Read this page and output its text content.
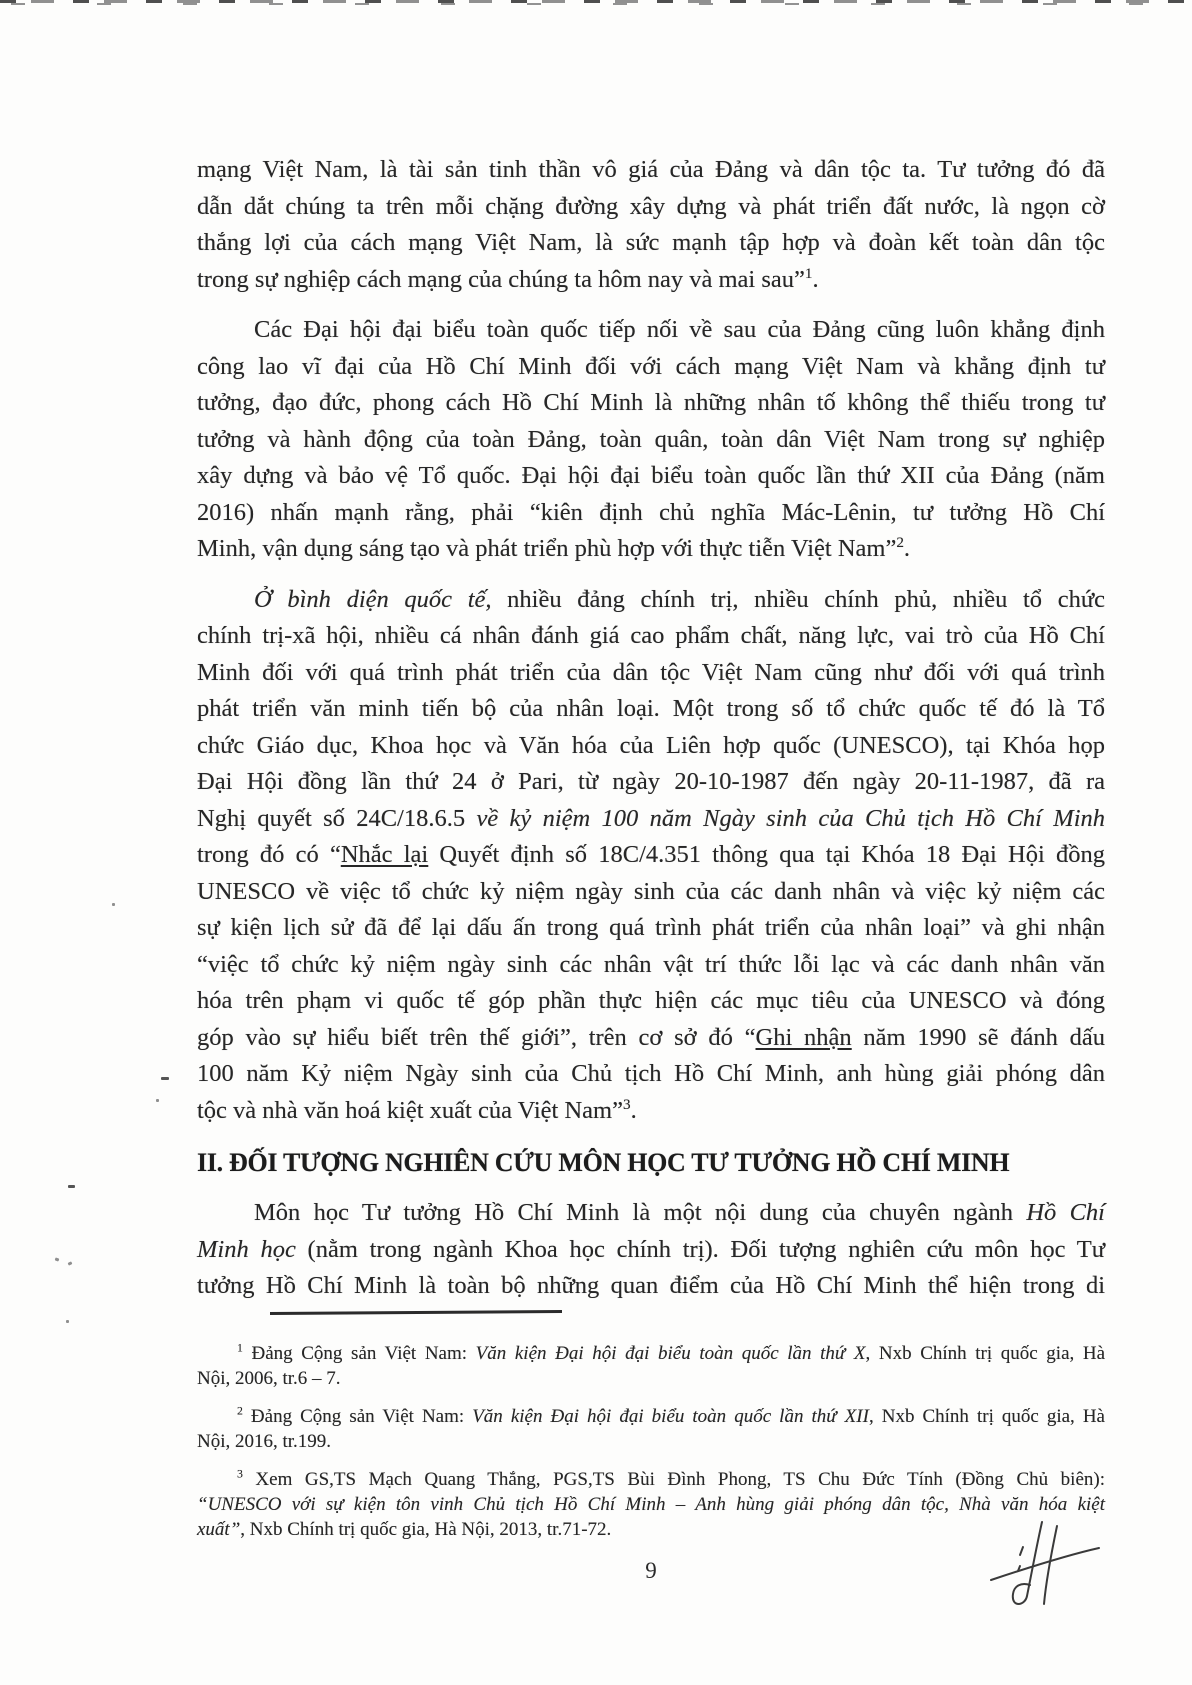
mạng Việt Nam, là tài sản tinh thần vô giá của Đảng và dân tộc ta. Tư tưởng đó đã
dẫn dắt chúng ta trên mỗi chặng đường xây dựng và phát triển đất nước, là ngọn cờ
thắng lợi của cách mạng Việt Nam, là sức mạnh tập hợp và đoàn kết toàn dân tộc
trong sự nghiệp cách mạng của chúng ta hôm nay và mai sau”$^1$.
Các Đại hội đại biểu toàn quốc tiếp nối về sau của Đảng cũng luôn khẳng định
công lao vĩ đại của Hồ Chí Minh đối với cách mạng Việt Nam và khẳng định tư
tưởng, đạo đức, phong cách Hồ Chí Minh là những nhân tố không thể thiếu trong tư
tưởng và hành động của toàn Đảng, toàn quân, toàn dân Việt Nam trong sự nghiệp
xây dựng và bảo vệ Tổ quốc. Đại hội đại biểu toàn quốc lần thứ XII của Đảng (năm
2016) nhấn mạnh rằng, phải “kiên định chủ nghĩa Mác-Lênin, tư tưởng Hồ Chí
Minh, vận dụng sáng tạo và phát triển phù hợp với thực tiễn Việt Nam”$^2$.
Ở bình diện quốc tế, nhiều đảng chính trị, nhiều chính phủ, nhiều tổ chức
chính trị-xã hội, nhiều cá nhân đánh giá cao phẩm chất, năng lực, vai trò của Hồ Chí
Minh đối với quá trình phát triển của dân tộc Việt Nam cũng như đối với quá trình
phát triển văn minh tiến bộ của nhân loại. Một trong số tổ chức quốc tế đó là Tổ
chức Giáo dục, Khoa học và Văn hóa của Liên hợp quốc (UNESCO), tại Khóa họp
Đại Hội đồng lần thứ 24 ở Pari, từ ngày 20-10-1987 đến ngày 20-11-1987, đã ra
Nghị quyết số 24C/18.6.5 về kỷ niệm 100 năm Ngày sinh của Chủ tịch Hồ Chí Minh
trong đó có “Nhắc lại Quyết định số 18C/4.351 thông qua tại Khóa 18 Đại Hội đồng
UNESCO về việc tổ chức kỷ niệm ngày sinh của các danh nhân và việc kỷ niệm các
sự kiện lịch sử đã để lại dấu ấn trong quá trình phát triển của nhân loại” và ghi nhận
“việc tổ chức kỷ niệm ngày sinh các nhân vật trí thức lỗi lạc và các danh nhân văn
hóa trên phạm vi quốc tế góp phần thực hiện các mục tiêu của UNESCO và đóng
góp vào sự hiểu biết trên thế giới”, trên cơ sở đó “Ghi nhận năm 1990 sẽ đánh dấu
100 năm Kỷ niệm Ngày sinh của Chủ tịch Hồ Chí Minh, anh hùng giải phóng dân
tộc và nhà văn hoá kiệt xuất của Việt Nam”$^3$.
II. ĐỐI TƯỢNG NGHIÊN CỨU MÔN HỌC TƯ TƯỞNG HỒ CHÍ MINH
Môn học Tư tưởng Hồ Chí Minh là một nội dung của chuyên ngành Hồ Chí
Minh học (nằm trong ngành Khoa học chính trị). Đối tượng nghiên cứu môn học Tư
tưởng Hồ Chí Minh là toàn bộ những quan điểm của Hồ Chí Minh thể hiện trong di
$^1$ Đảng Cộng sản Việt Nam: Văn kiện Đại hội đại biểu toàn quốc lần thứ X, Nxb Chính trị quốc gia, Hà
Nội, 2006, tr.6 – 7.
$^2$ Đảng Cộng sản Việt Nam: Văn kiện Đại hội đại biểu toàn quốc lần thứ XII, Nxb Chính trị quốc gia, Hà
Nội, 2016, tr.199.
$^3$ Xem GS,TS Mạch Quang Thắng, PGS,TS Bùi Đình Phong, TS Chu Đức Tính (Đồng Chủ biên):
“UNESCO với sự kiện tôn vinh Chủ tịch Hồ Chí Minh – Anh hùng giải phóng dân tộc, Nhà văn hóa kiệt
xuất”, Nxb Chính trị quốc gia, Hà Nội, 2013, tr.71-72.
9
